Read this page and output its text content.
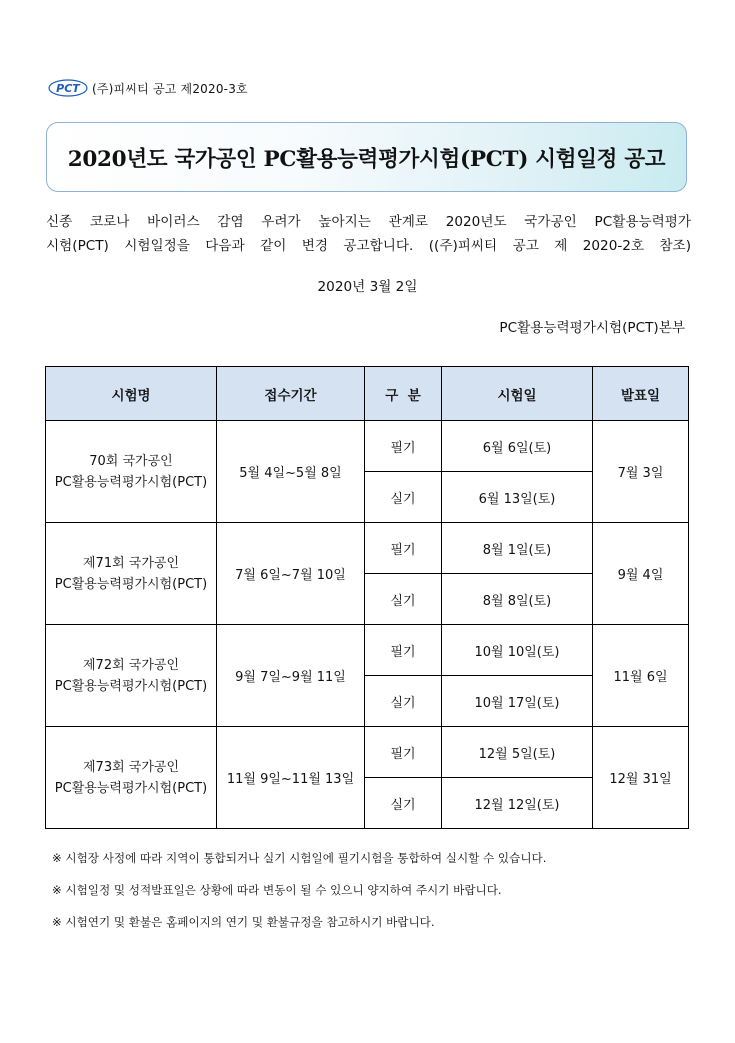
PCT (주)피씨티 공고 제2020-3호
2020년도 국가공인 PC활용능력평가시험(PCT) 시험일정 공고

신종 코로나 바이러스 감염 우려가 높아지는 관계로 2020년도 국가공인 PC활용능력평가

시험(PCT) 시험일정을 다음과 같이 변경 공고합니다. ((주)피씨티 공고 제 2020-2호 참조)

2020년 3월 2일
PC활용능력평가시험(PCT)본부
시험명	접수기간	구  분	시험일	발표일

70회 국가공인
PC활용능력평가시험(PCT)	5월 4일~5월 8일	필기	6월 6일(토)	7월 3일
		실기	6월 13일(토)	

제71회 국가공인
PC활용능력평가시험(PCT)	7월 6일~7월 10일	필기	8월 1일(토)	9월 4일
		실기	8월 8일(토)	

제72회 국가공인
PC활용능력평가시험(PCT)	9월 7일~9월 11일	필기	10월 10일(토)	11월 6일
		실기	10월 17일(토)	

제73회 국가공인
PC활용능력평가시험(PCT)	11월 9일~11월 13일	필기	12월 5일(토)	12월 31일
		실기	12월 12일(토)	
※ 시험장 사정에 따라 지역이 통합되거나 실기 시험일에 필기시험을 통합하여 실시할 수 있습니다.
※ 시험일정 및 성적발표일은 상황에 따라 변동이 될 수 있으니 양지하여 주시기 바랍니다.
※ 시험연기 및 환불은 홈페이지의 연기 및 환불규정을 참고하시기 바랍니다.
